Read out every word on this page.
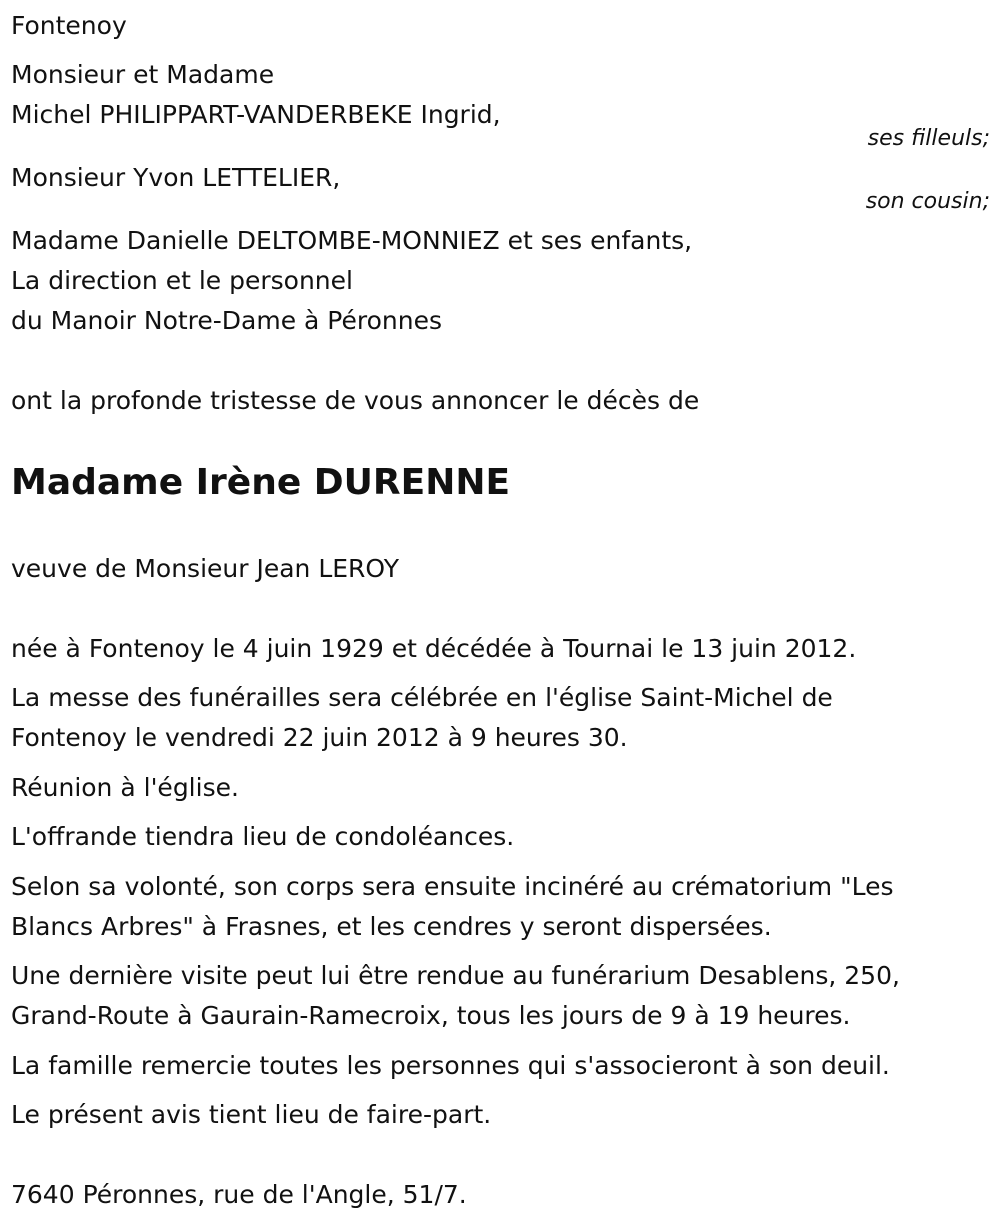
Fontenoy
Monsieur et Madame
Michel PHILIPPART-VANDERBEKE Ingrid,
ses filleuls;
Monsieur Yvon LETTELIER,
son cousin;
Madame Danielle DELTOMBE-MONNIEZ et ses enfants,
La direction et le personnel
du Manoir Notre-Dame à Péronnes
ont la profonde tristesse de vous annoncer le décès de
Madame Irène DURENNE
veuve de Monsieur Jean LEROY
née à Fontenoy le 4 juin 1929 et décédée à Tournai le 13 juin 2012.
La messe des funérailles sera célébrée en l'église Saint-Michel de
Fontenoy le vendredi 22 juin 2012 à 9 heures 30.
Réunion à l'église.
L'offrande tiendra lieu de condoléances.
Selon sa volonté, son corps sera ensuite incinéré au crématorium "Les
Blancs Arbres" à Frasnes, et les cendres y seront dispersées.
Une dernière visite peut lui être rendue au funérarium Desablens, 250,
Grand-Route à Gaurain-Ramecroix, tous les jours de 9 à 19 heures.
La famille remercie toutes les personnes qui s'associeront à son deuil.
Le présent avis tient lieu de faire-part.
7640 Péronnes, rue de l'Angle, 51/7.
